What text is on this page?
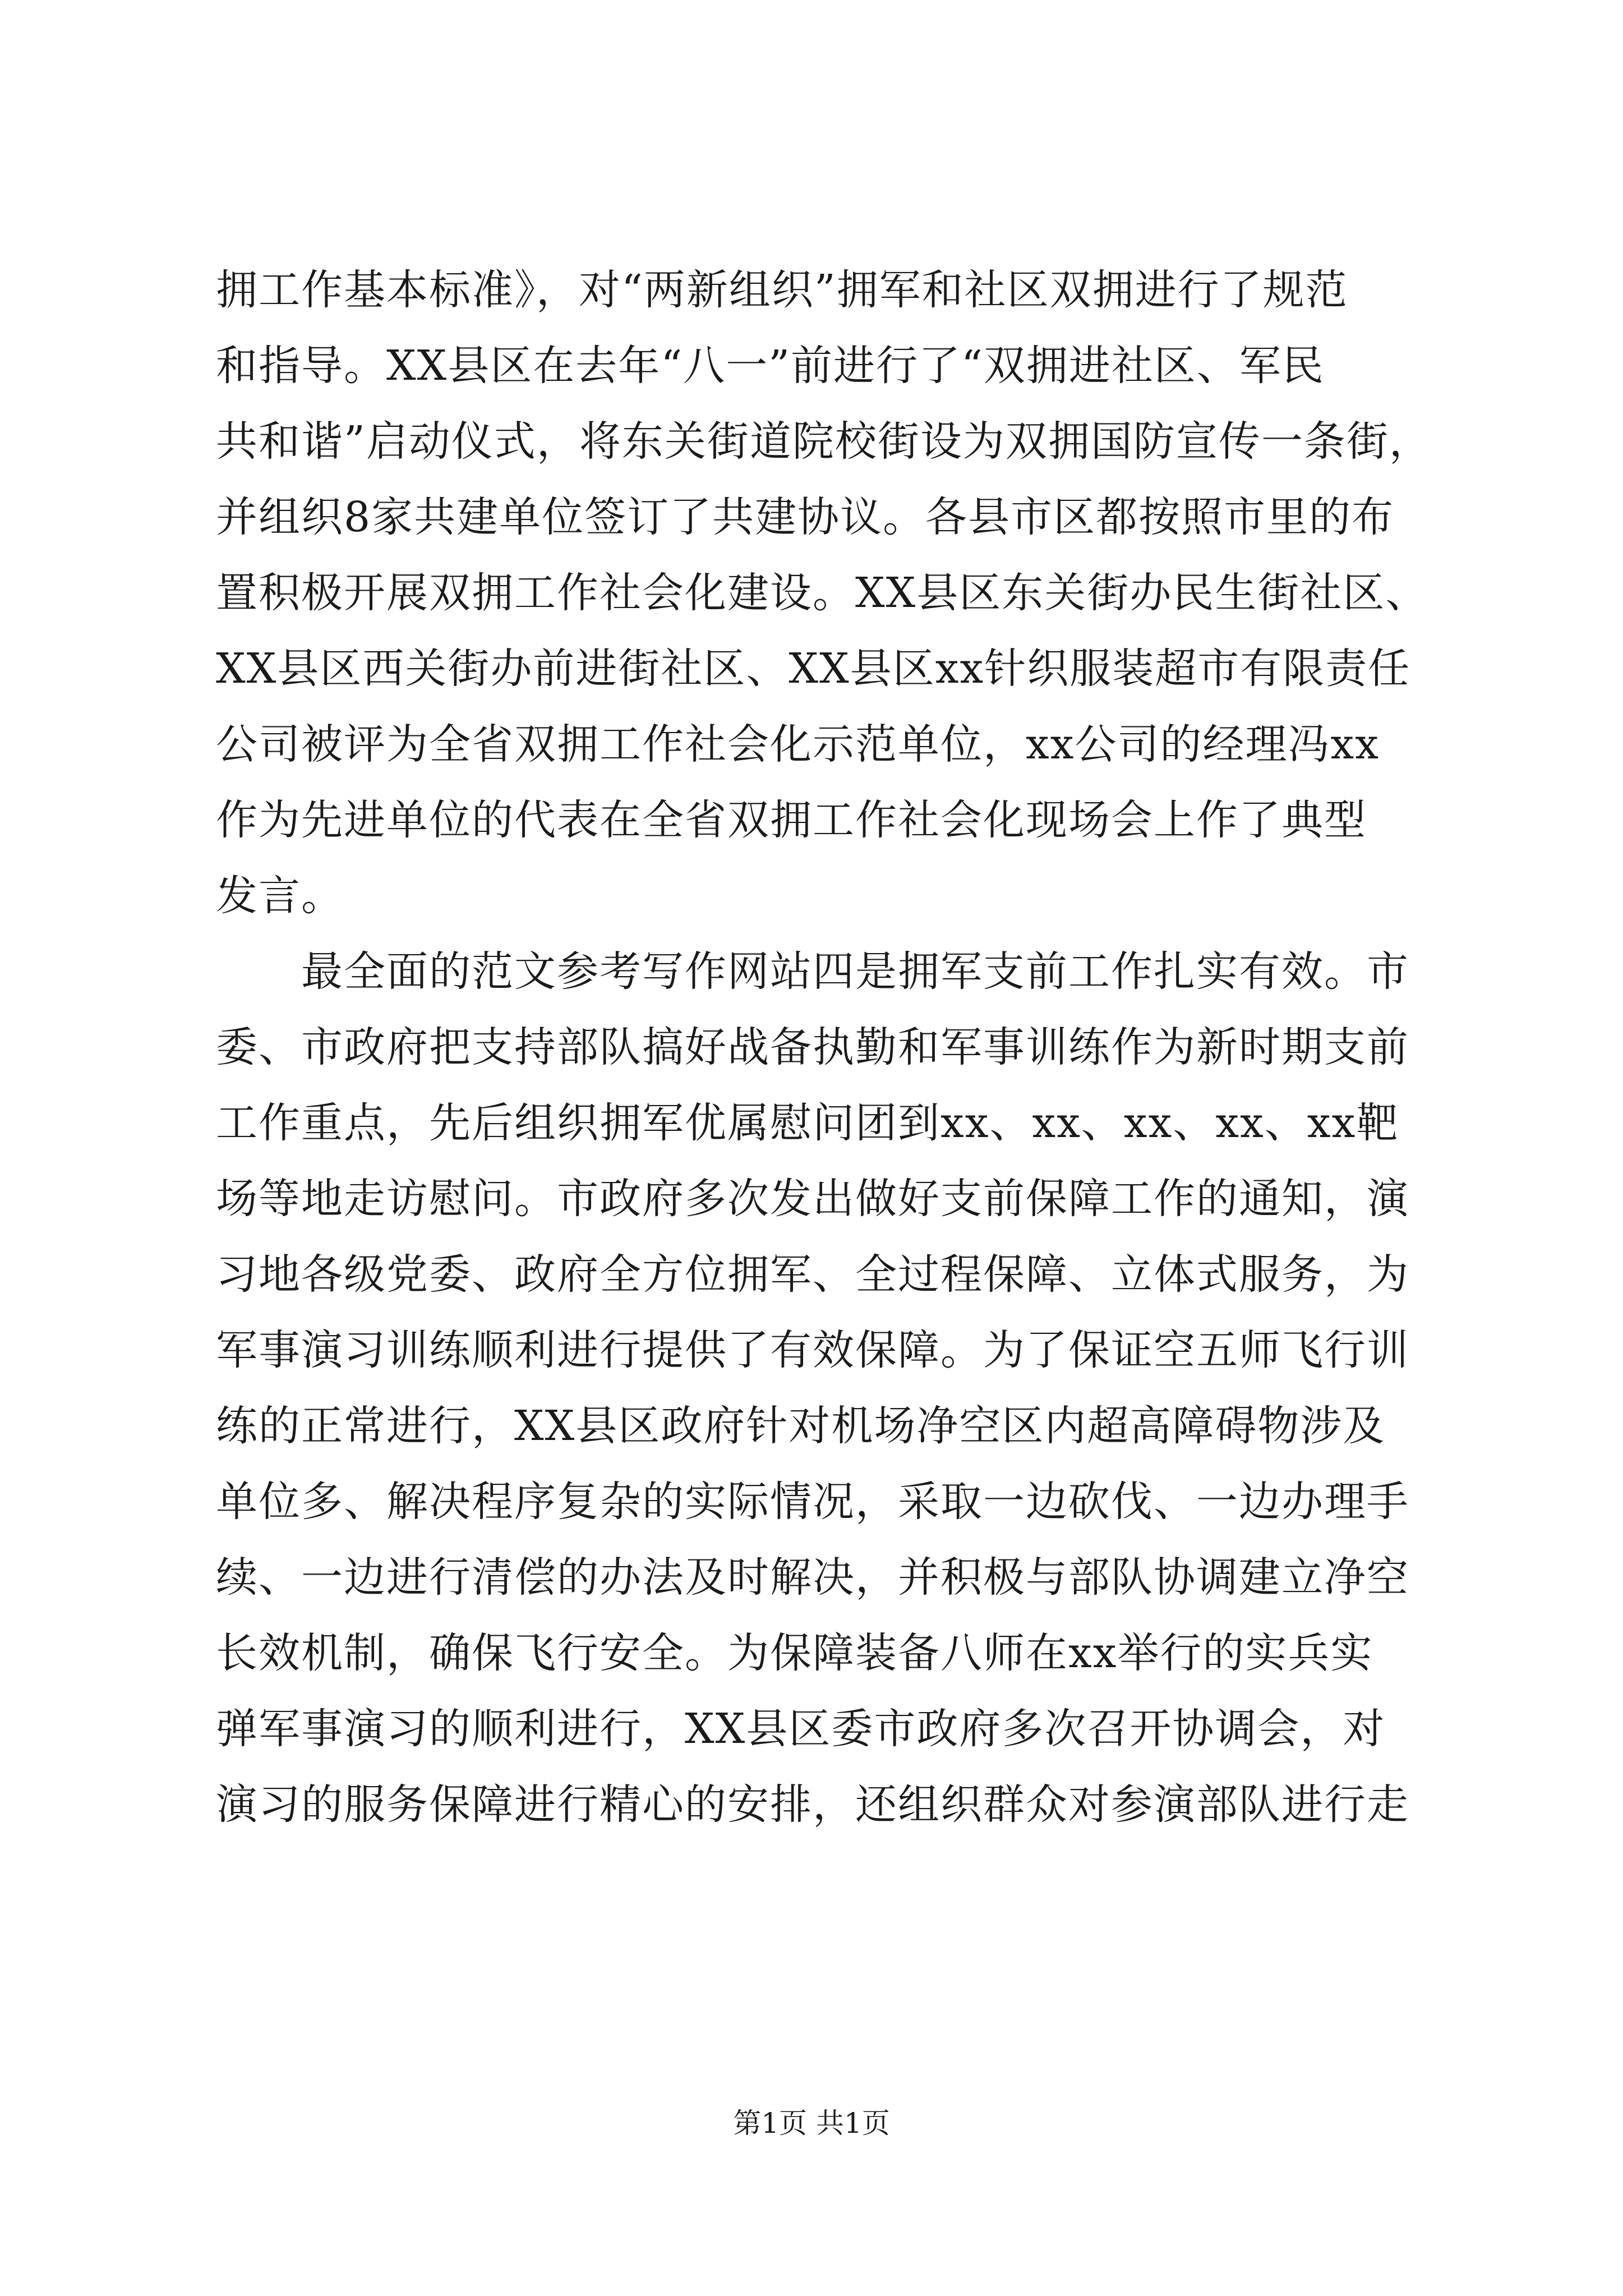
拥工作基本标准》，对“两新组织”拥军和社区双拥进行了规范
和指导。XX县区在去年“八一”前进行了“双拥进社区、军民
共和谐”启动仪式，将东关街道院校街设为双拥国防宣传一条街，
并组织8家共建单位签订了共建协议。各县市区都按照市里的布
置积极开展双拥工作社会化建设。XX县区东关街办民生街社区、
XX县区西关街办前进街社区、XX县区xx针织服装超市有限责任
公司被评为全省双拥工作社会化示范单位，xx公司的经理冯xx
作为先进单位的代表在全省双拥工作社会化现场会上作了典型
发言。
　　最全面的范文参考写作网站四是拥军支前工作扎实有效。市
委、市政府把支持部队搞好战备执勤和军事训练作为新时期支前
工作重点，先后组织拥军优属慰问团到xx、xx、xx、xx、xx靶
场等地走访慰问。市政府多次发出做好支前保障工作的通知，演
习地各级党委、政府全方位拥军、全过程保障、立体式服务，为
军事演习训练顺利进行提供了有效保障。为了保证空五师飞行训
练的正常进行，XX县区政府针对机场净空区内超高障碍物涉及
单位多、解决程序复杂的实际情况，采取一边砍伐、一边办理手
续、一边进行清偿的办法及时解决，并积极与部队协调建立净空
长效机制，确保飞行安全。为保障装备八师在xx举行的实兵实
弹军事演习的顺利进行，XX县区委市政府多次召开协调会，对
演习的服务保障进行精心的安排，还组织群众对参演部队进行走
第1页 共1页
